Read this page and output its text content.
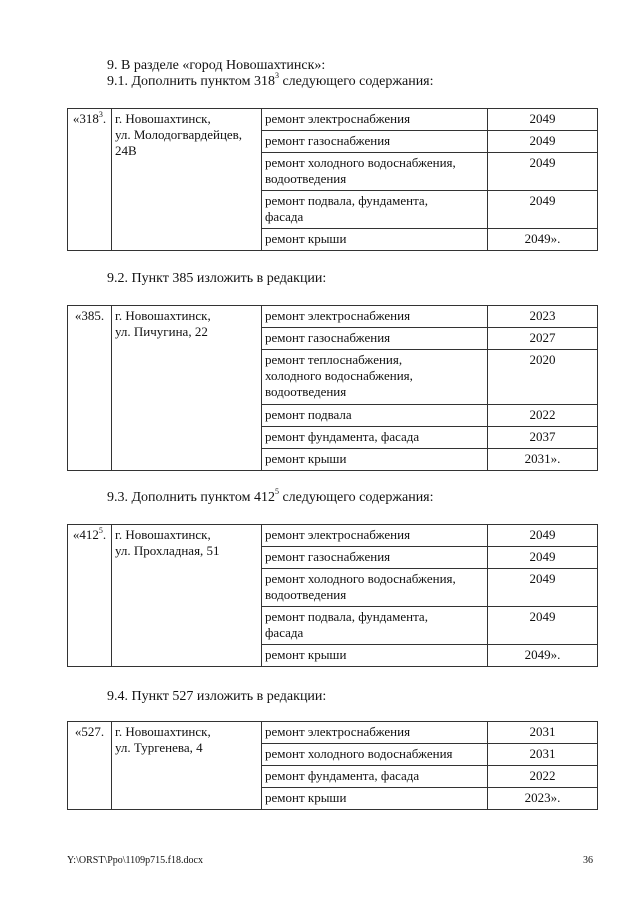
9. В разделе «город Новошахтинск»:
9.1. Дополнить пунктом $318^3$ следующего содержания:
«$318^3$.	г. Новошахтинск,
ул. Молодогвардейцев,
24В	ремонт электроснабжения	2049

		ремонт газоснабжения	2049

		ремонт холодного водоснабжения,
водоотведения	2049

		ремонт подвала, фундамента,
фасада	2049

		ремонт крыши	2049».
9.2. Пункт 385 изложить в редакции:
«385.	г. Новошахтинск,
ул. Пичугина, 22	ремонт электроснабжения	2023

		ремонт газоснабжения	2027

		ремонт теплоснабжения,
холодного водоснабжения,
водоотведения	2020

		ремонт подвала	2022

		ремонт фундамента, фасада	2037

		ремонт крыши	2031».
9.3. Дополнить пунктом $412^5$ следующего содержания:
«$412^5$.	г. Новошахтинск,
ул. Прохладная, 51	ремонт электроснабжения	2049

		ремонт газоснабжения	2049

		ремонт холодного водоснабжения,
водоотведения	2049

		ремонт подвала, фундамента,
фасада	2049

		ремонт крыши	2049».
9.4. Пункт 527 изложить в редакции:
«527.	г. Новошахтинск,
ул. Тургенева, 4	ремонт электроснабжения	2031

		ремонт холодного водоснабжения	2031

		ремонт фундамента, фасада	2022

		ремонт крыши	2023».
Y:\ORST\Ppo\1109p715.f18.docx	36
